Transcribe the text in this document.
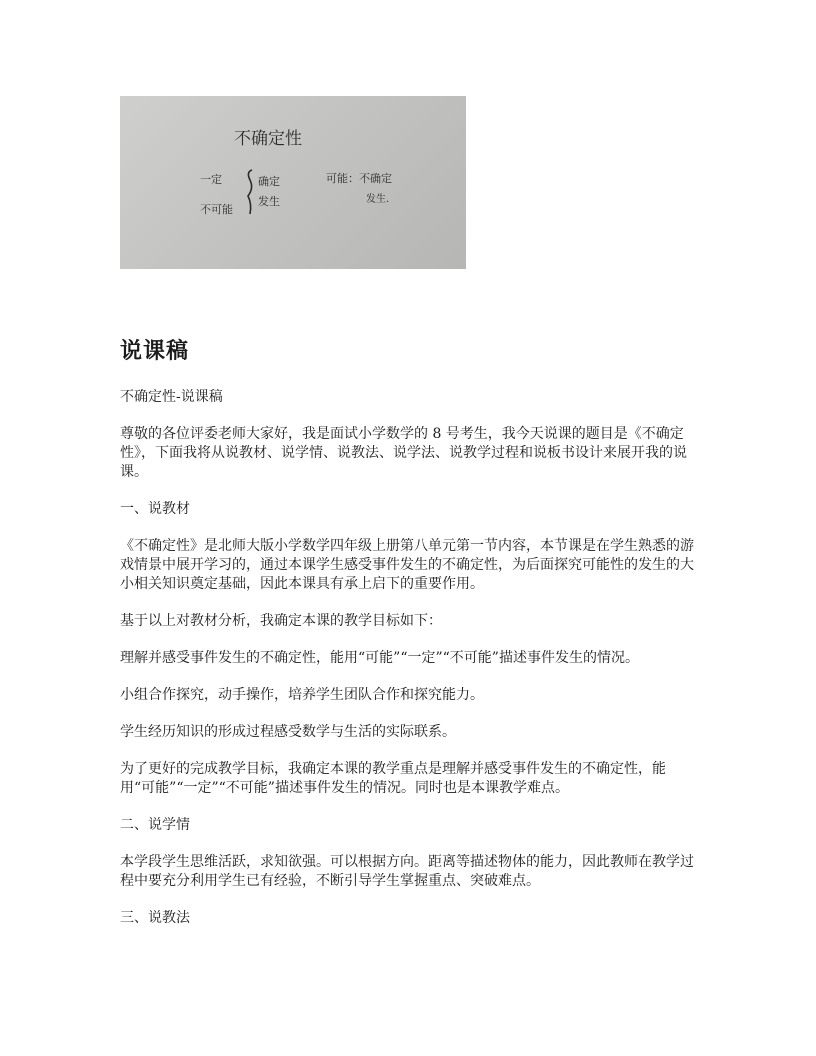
不确定性
一定
不可能
确定
发生
可能：不确定
发生.
说课稿

不确定性-说课稿

尊敬的各位评委老师大家好，我是面试小学数学的 8 号考生，我今天说课的题目是《不确定性》，下面我将从说教材、说学情、说教法、说学法、说教学过程和说板书设计来展开我的说课。

一、说教材

《不确定性》是北师大版小学数学四年级上册第八单元第一节内容，本节课是在学生熟悉的游戏情景中展开学习的，通过本课学生感受事件发生的不确定性，为后面探究可能性的发生的大小相关知识奠定基础，因此本课具有承上启下的重要作用。

基于以上对教材分析，我确定本课的教学目标如下：

理解并感受事件发生的不确定性，能用“可能”“一定”“不可能”描述事件发生的情况。

小组合作探究，动手操作，培养学生团队合作和探究能力。

学生经历知识的形成过程感受数学与生活的实际联系。

为了更好的完成教学目标，我确定本课的教学重点是理解并感受事件发生的不确定性，能用“可能”“一定”“不可能”描述事件发生的情况。同时也是本课教学难点。

二、说学情

本学段学生思维活跃，求知欲强。可以根据方向。距离等描述物体的能力，因此教师在教学过程中要充分利用学生已有经验，不断引导学生掌握重点、突破难点。

三、说教法
